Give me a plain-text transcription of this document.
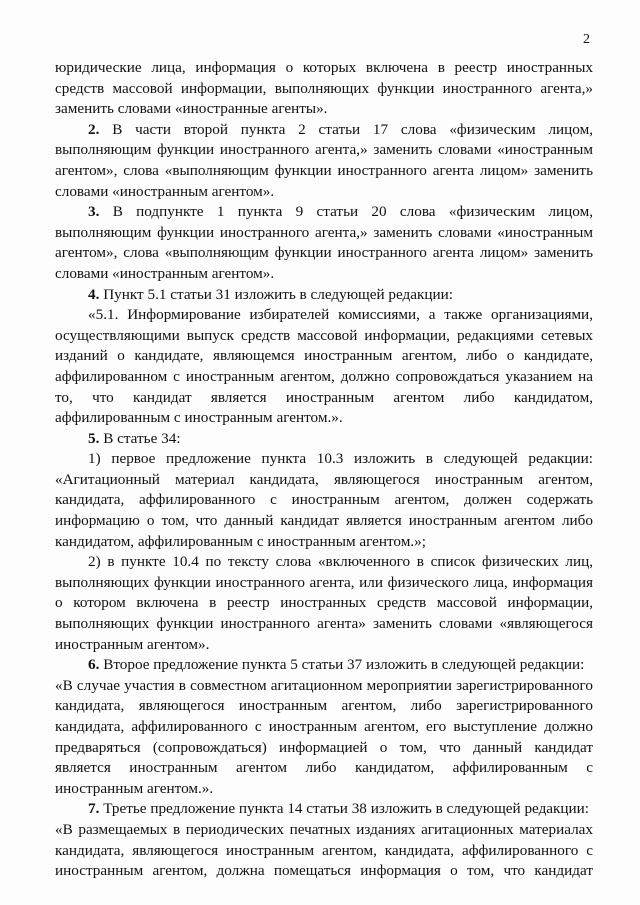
2

юридические лица, информация о которых включена в реестр иностранных средств массовой информации, выполняющих функции иностранного агента,» заменить словами «иностранные агенты».

2. В части второй пункта 2 статьи 17 слова «физическим лицом, выполняющим функции иностранного агента,» заменить словами «иностранным агентом», слова «выполняющим функции иностранного агента лицом» заменить словами «иностранным агентом».

3. В подпункте 1 пункта 9 статьи 20 слова «физическим лицом, выполняющим функции иностранного агента,» заменить словами «иностранным агентом», слова «выполняющим функции иностранного агента лицом» заменить словами «иностранным агентом».

4. Пункт 5.1 статьи 31 изложить в следующей редакции:

«5.1. Информирование избирателей комиссиями, а также организациями, осуществляющими выпуск средств массовой информации, редакциями сетевых изданий о кандидате, являющемся иностранным агентом, либо о кандидате, аффилированном с иностранным агентом, должно сопровождаться указанием на то, что кандидат является иностранным агентом либо кандидатом, аффилированным с иностранным агентом.».

5. В статье 34:

1) первое предложение пункта 10.3 изложить в следующей редакции: «Агитационный материал кандидата, являющегося иностранным агентом, кандидата, аффилированного с иностранным агентом, должен содержать информацию о том, что данный кандидат является иностранным агентом либо кандидатом, аффилированным с иностранным агентом.»;

2) в пункте 10.4 по тексту слова «включенного в список физических лиц, выполняющих функции иностранного агента, или физического лица, информация о котором включена в реестр иностранных средств массовой информации, выполняющих функции иностранного агента» заменить словами «являющегося иностранным агентом».

6. Второе предложение пункта 5 статьи 37 изложить в следующей редакции:

«В случае участия в совместном агитационном мероприятии зарегистрированного кандидата, являющегося иностранным агентом, либо зарегистрированного кандидата, аффилированного с иностранным агентом, его выступление должно предваряться (сопровождаться) информацией о том, что данный кандидат является иностранным агентом либо кандидатом, аффилированным с иностранным агентом.».

7. Третье предложение пункта 14 статьи 38 изложить в следующей редакции:

«В размещаемых в периодических печатных изданиях агитационных материалах кандидата, являющегося иностранным агентом, кандидата, аффилированного с иностранным агентом, должна помещаться информация о том, что кандидат
